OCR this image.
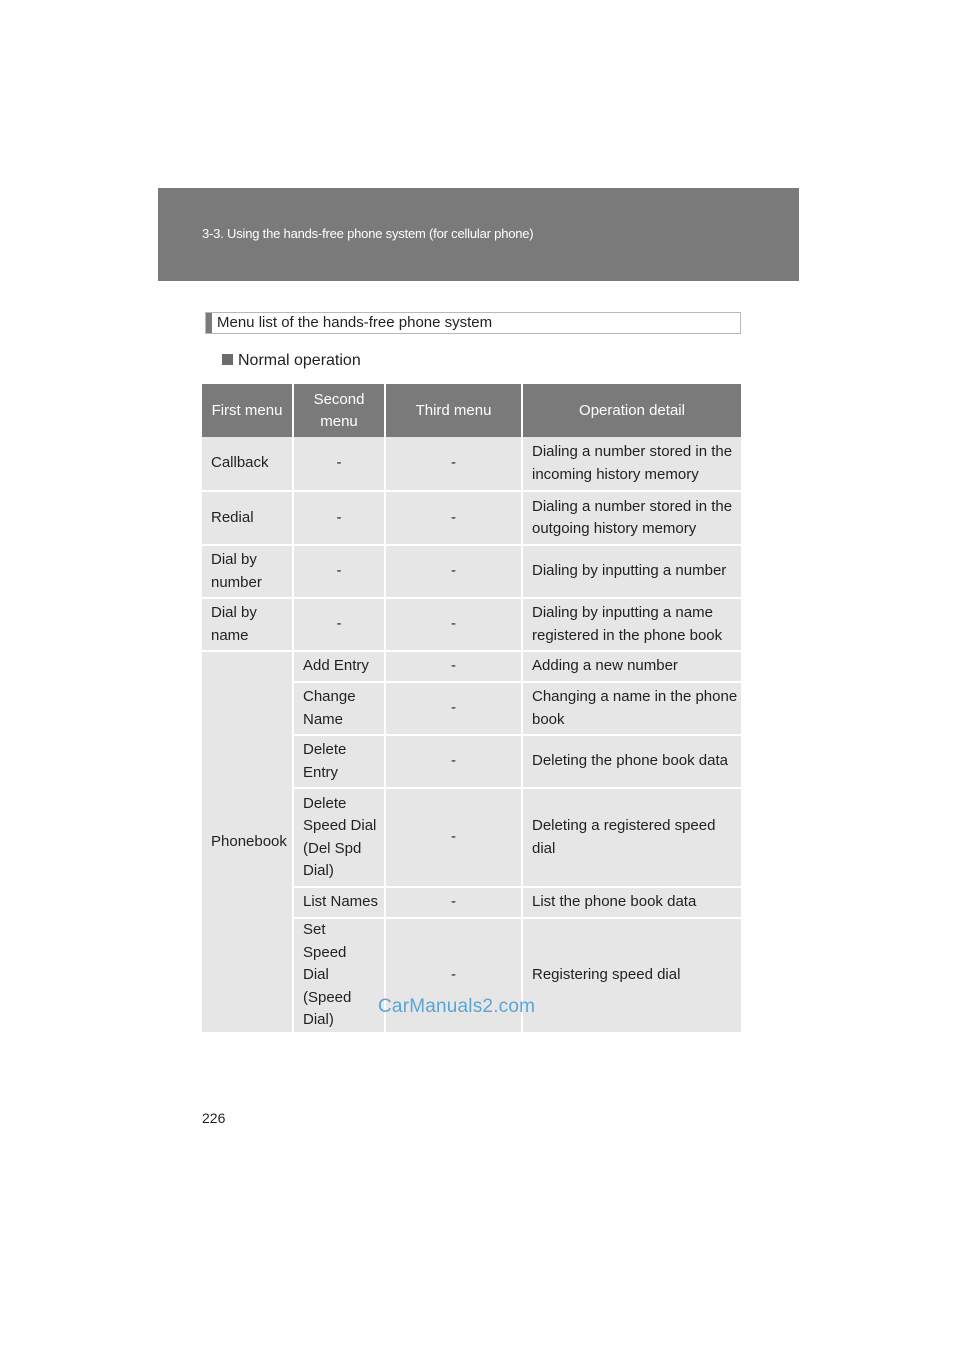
3-3. Using the hands-free phone system (for cellular phone)
Menu list of the hands-free phone system
Normal operation
First menu	Second menu	Third menu	Operation detail
Callback	-	-	Dialing a number stored in the incoming history memory
Redial	-	-	Dialing a number stored in the outgoing history memory

Dial by number	-	-	Dialing by inputting a number

Dial by name	-	-	Dialing by inputting a name registered in the phone book
Phonebook	Add Entry	-	Adding a new number

	Change Name	-	Changing a name in the phone book

	Delete Entry	-	Deleting the phone book data

	Delete Speed Dial (Del Spd Dial)	-	Deleting a registered speed dial
	List Names	-	List the phone book data

	Set Speed Dial (Speed Dial)	-	Registering speed dial
CarManuals2.com
226
